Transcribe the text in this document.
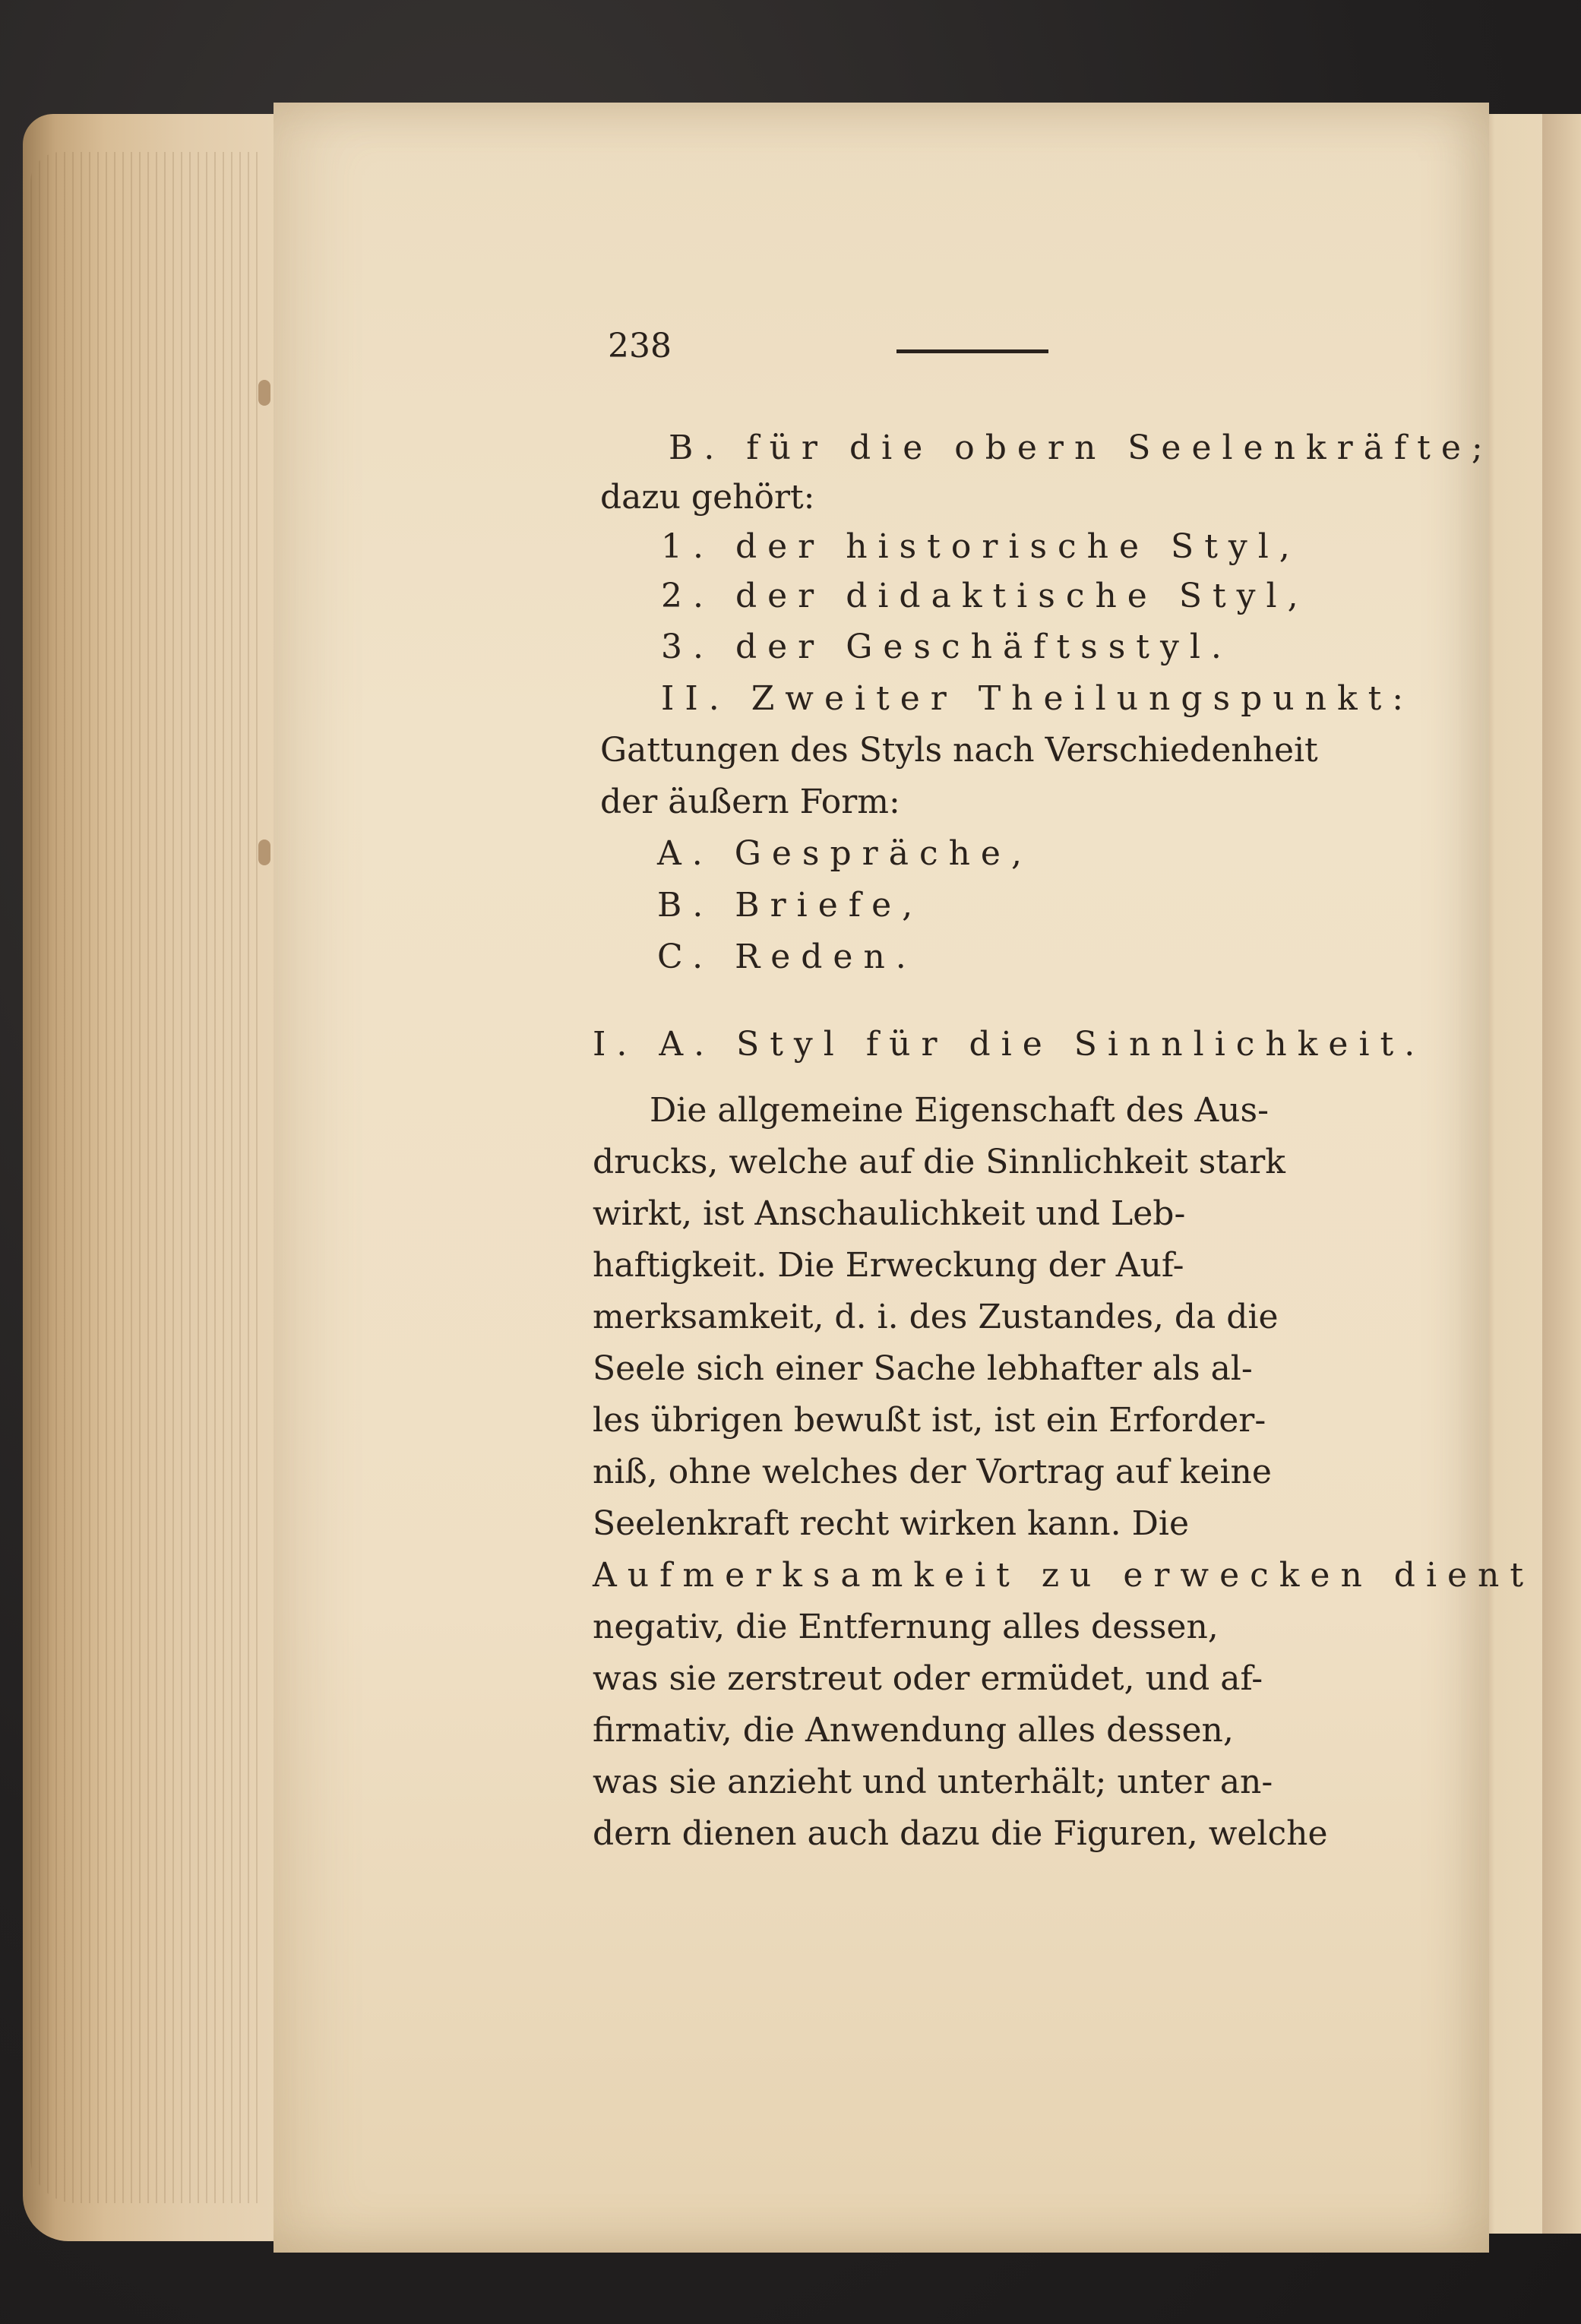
238
B. für die obern Seelenkräfte;
dazu gehört:
1. der historische Styl,
2. der didaktische Styl,
3. der Geschäftsstyl.
II. Zweiter Theilungspunkt:
Gattungen des Styls nach Verschiedenheit
der äußern Form:
A. Gespräche,
B. Briefe,
C. Reden.
I. A. Styl für die Sinnlichkeit.
Die allgemeine Eigenschaft des Aus-
drucks, welche auf die Sinnlichkeit stark
wirkt, ist Anschaulichkeit und Leb-
haftigkeit. Die Erweckung der Auf-
merksamkeit, d. i. des Zustandes, da die
Seele sich einer Sache lebhafter als al-
les übrigen bewußt ist, ist ein Erforder-
niß, ohne welches der Vortrag auf keine
Seelenkraft recht wirken kann. Die
Aufmerksamkeit zu erwecken dient
negativ, die Entfernung alles dessen,
was sie zerstreut oder ermüdet, und af-
firmativ, die Anwendung alles dessen,
was sie anzieht und unterhält; unter an-
dern dienen auch dazu die Figuren, welche
